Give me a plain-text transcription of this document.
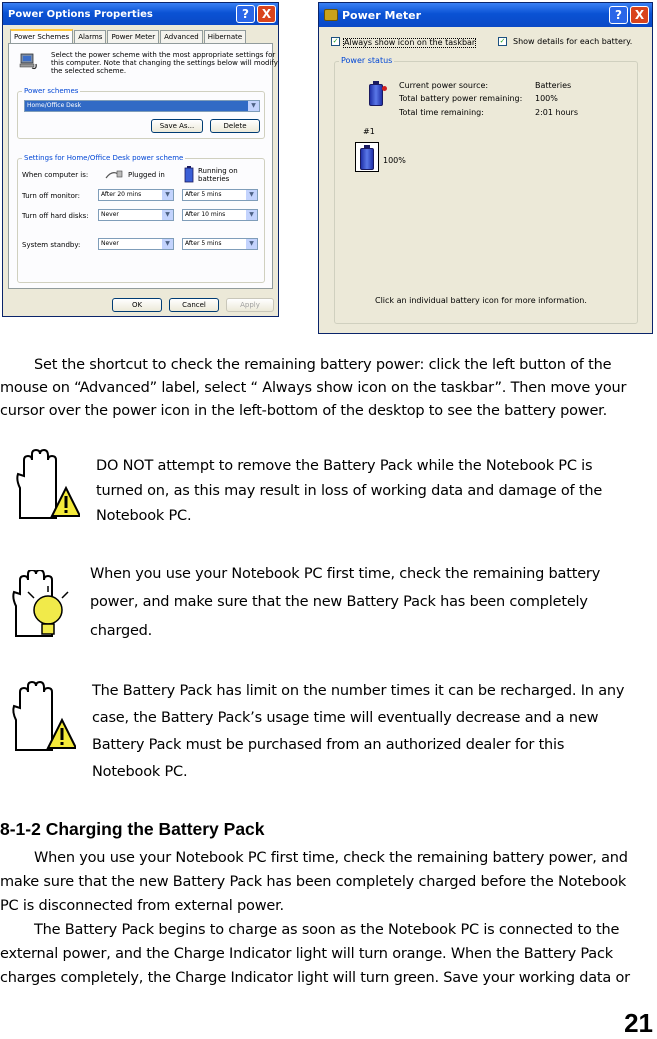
Power Options Properties	?	X
Power Schemes	Alarms	Power Meter	Advanced	Hibernate
Select the power scheme with the most appropriate settings for
this computer. Note that changing the settings below will modify
the selected scheme.
Power schemes
Home/Office Desk	▼
Save As...	Delete
Settings for Home/Office Desk power scheme
When computer is:	Plugged in	Running on
batteries
Turn off monitor:	After 20 mins	▼	After 5 mins	▼
Turn off hard disks:	Never	▼	After 10 mins	▼
System standby:	Never	▼	After 5 mins	▼
OK	Cancel	Apply
Power Meter	?	X
✓ Always show icon on the taskbar	✓ Show details for each battery.
Power status
Current power source:	Batteries
Total battery power remaining: 100%
Total time remaining:	2:01 hours
#1
100%
Click an individual battery icon for more information.
Set the shortcut to check the remaining battery power: click the left button of the
mouse on “Advanced” label, select “ Always show icon on the taskbar”. Then move your
cursor over the power icon in the left-bottom of the desktop to see the battery power.
DO NOT attempt to remove the Battery Pack while the Notebook PC is
turned on, as this may result in loss of working data and damage of the
Notebook PC.
When you use your Notebook PC first time, check the remaining battery
power, and make sure that the new Battery Pack has been completely
charged.
The Battery Pack has limit on the number times it can be recharged. In any
case, the Battery Pack’s usage time will eventually decrease and a new
Battery Pack must be purchased from an authorized dealer for this
Notebook PC.
8-1-2 Charging the Battery Pack
When you use your Notebook PC first time, check the remaining battery power, and
make sure that the new Battery Pack has been completely charged before the Notebook
PC is disconnected from external power.
The Battery Pack begins to charge as soon as the Notebook PC is connected to the
external power, and the Charge Indicator light will turn orange. When the Battery Pack
charges completely, the Charge Indicator light will turn green. Save your working data or
21
